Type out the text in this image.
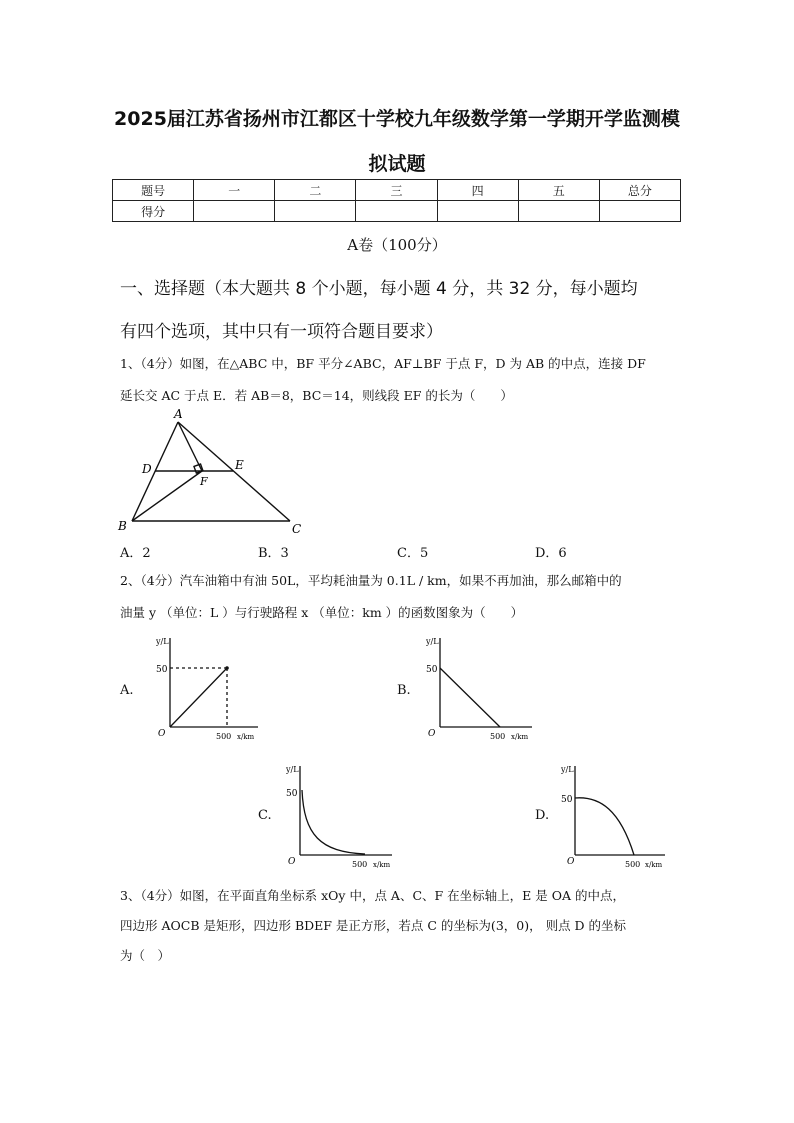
2025届江苏省扬州市江都区十学校九年级数学第一学期开学监测模
拟试题
题号	一	二	三	四	五	总分
得分						
A卷（100分）
一、选择题（本大题共 8 个小题，每小题 4 分，共 32 分，每小题均
有四个选项，其中只有一项符合题目要求）
1、（4分）如图，在△ABC 中，BF 平分∠ABC，AF⊥BF 于点 F，D 为 AB 的中点，连接 DF
延长交 AC 于点 E．若 AB＝8，BC＝14，则线段 EF 的长为（　　）
A
D	E
F
B	C
A．2	B．3	C．5	D．6
2、（4分）汽车油箱中有油 50L，平均耗油量为 0.1L / km，如果不再加油，那么邮箱中的
油量 y （单位：L ）与行驶路程 x （单位：km ）的函数图象为（　　）
A.
y/L
50
O	500 x/km
B.
y/L
50
O	500 x/km
C.
y/L
50
O	500 x/km
D.
y/L
50
O	500 x/km
3、（4分）如图，在平面直角坐标系 xOy 中，点 A、C、F 在坐标轴上，E 是 OA 的中点，
四边形 AOCB 是矩形，四边形 BDEF 是正方形，若点 C 的坐标为(3，0)， 则点 D 的坐标
为（　）
